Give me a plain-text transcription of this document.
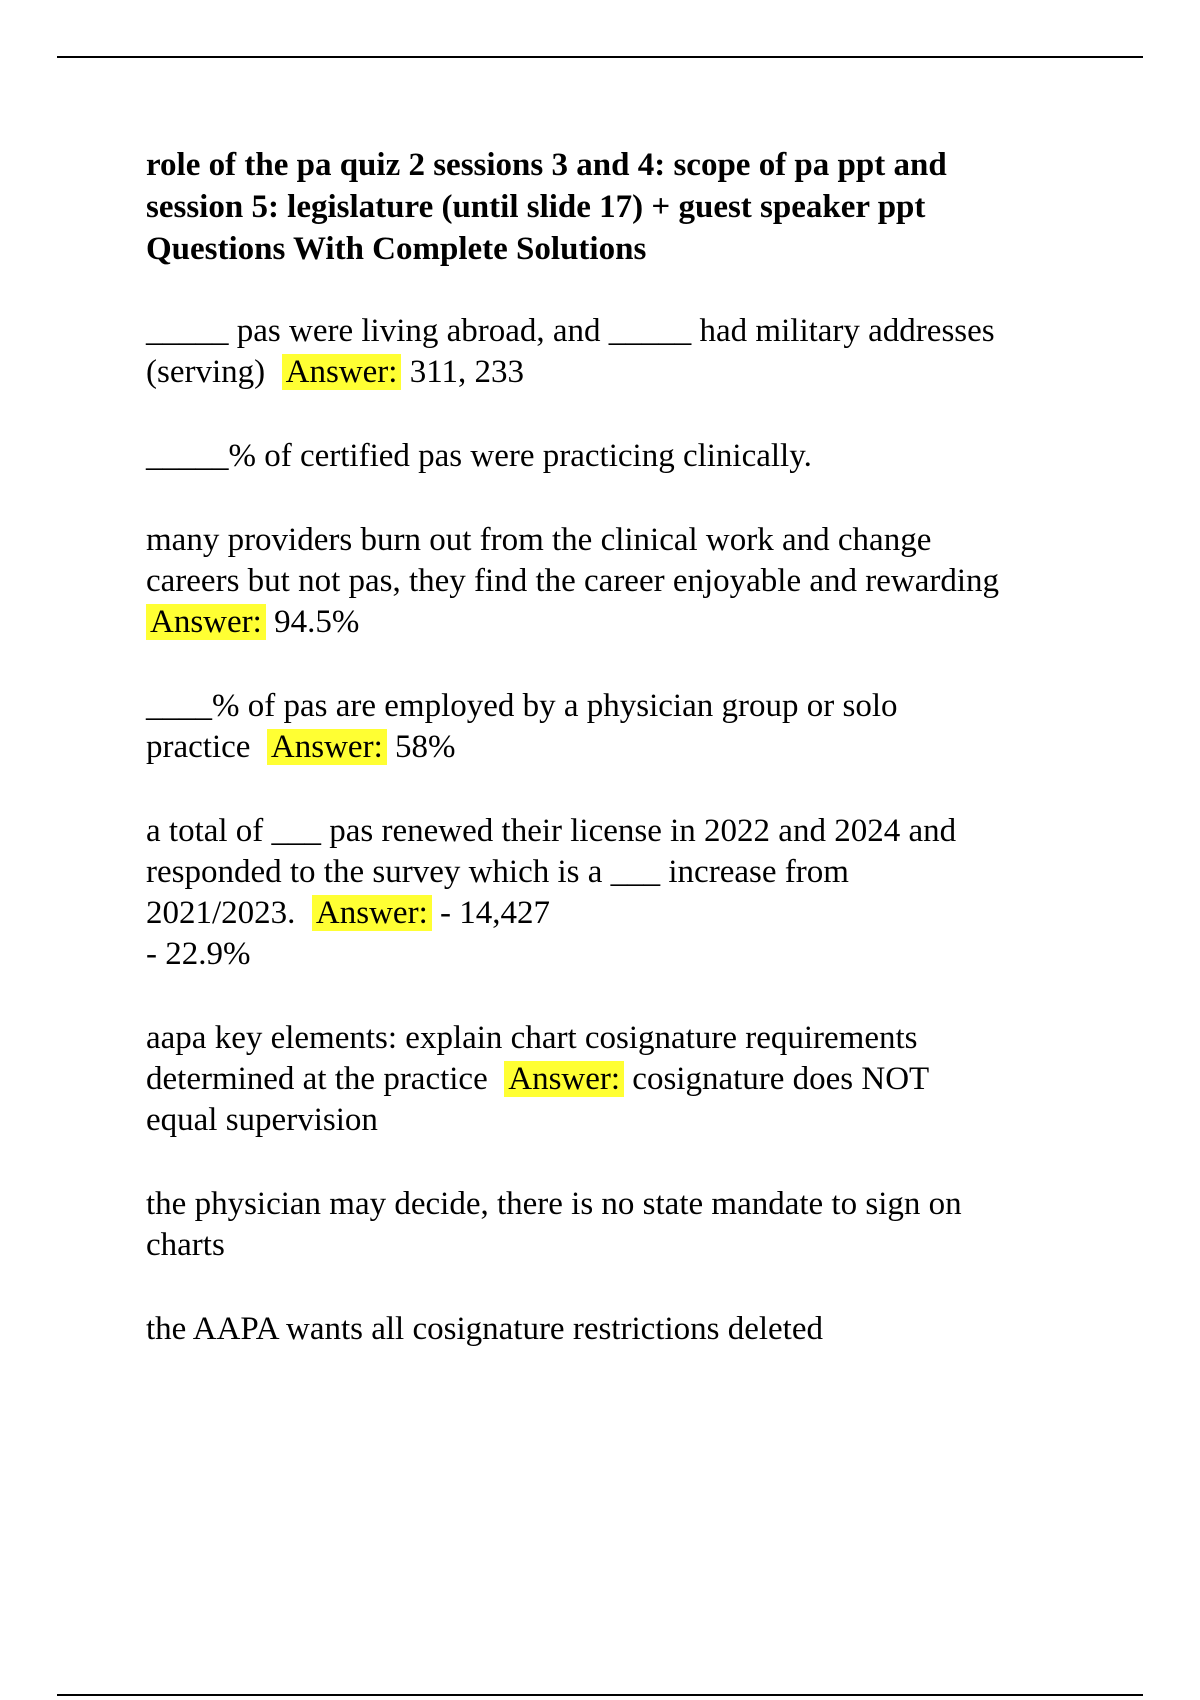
role of the pa quiz 2 sessions 3 and 4: scope of pa ppt and
session 5: legislature (until slide 17) + guest speaker ppt
Questions With Complete Solutions
_____ pas were living abroad, and _____ had military addresses
(serving) Answer: 311, 233
_____% of certified pas were practicing clinically.
many providers burn out from the clinical work and change
careers but not pas, they find the career enjoyable and rewarding
Answer: 94.5%
____% of pas are employed by a physician group or solo
practice Answer: 58%
a total of ___ pas renewed their license in 2022 and 2024 and
responded to the survey which is a ___ increase from
2021/2023. Answer: - 14,427
- 22.9%
aapa key elements: explain chart cosignature requirements
determined at the practice Answer: cosignature does NOT
equal supervision
the physician may decide, there is no state mandate to sign on
charts
the AAPA wants all cosignature restrictions deleted
